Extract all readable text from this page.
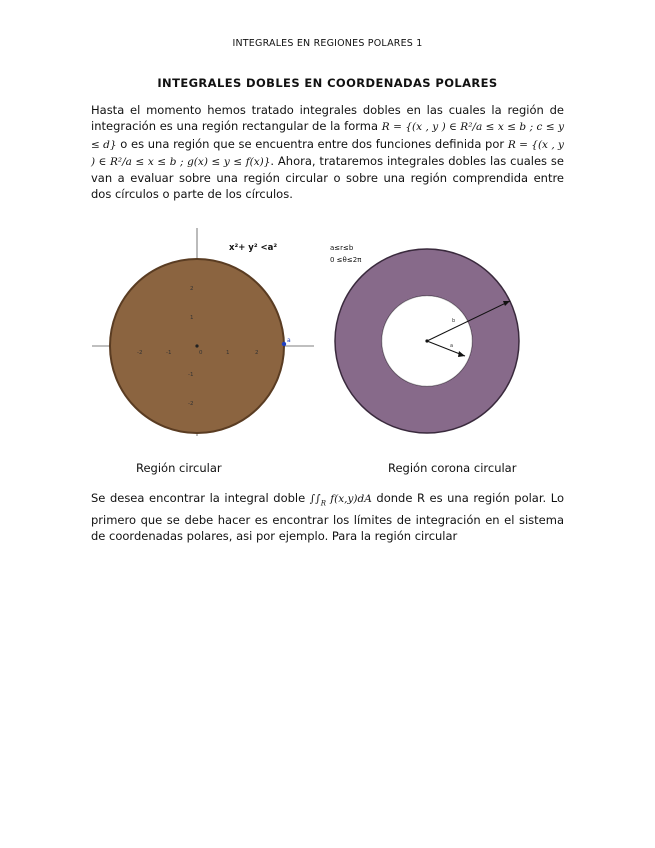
INTEGRALES EN REGIONES POLARES 1
INTEGRALES DOBLES EN COORDENADAS POLARES
Hasta el momento hemos tratado integrales dobles en las cuales la región de integración es una región rectangular de la forma R = {(x , y ) ∈ R²/a ≤ x ≤ b ; c ≤ y ≤ d} o es una región que se encuentra entre dos funciones definida por R = {(x , y ) ∈ R²/a ≤ x ≤ b ; g(x) ≤ y ≤ f(x)}. Ahora, trataremos integrales dobles las cuales se van a evaluar sobre una región circular o sobre una región comprendida entre dos círculos o parte de los círculos.
-2	-1	0	1	2
2
1
-1
-2
a
x²+ y² <a²
b
a
a≤r≤b
0 ≤θ≤2π
Región circular	Región corona circular
Se desea encontrar la integral doble $\int\int_R$ f(x,y)dA donde R es una región polar. Lo primero que se debe hacer es encontrar los límites de integración en el sistema de coordenadas polares, asi por ejemplo. Para la región circular
